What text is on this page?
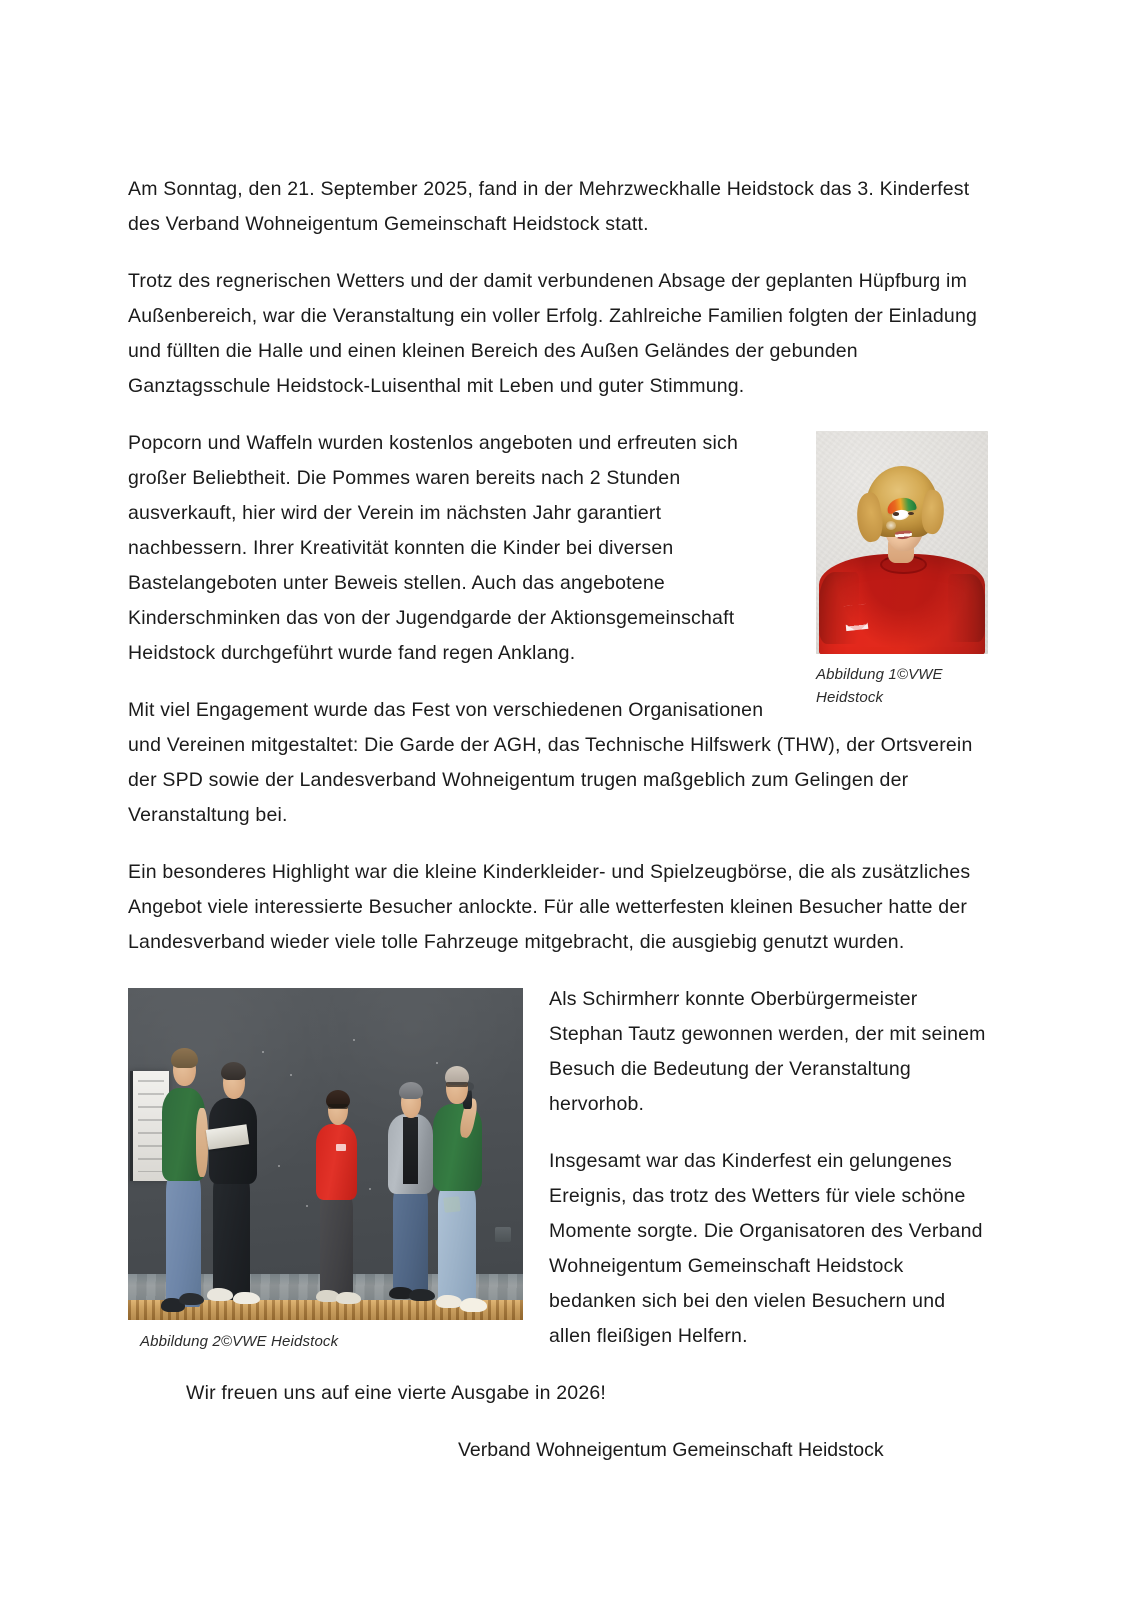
Am Sonntag, den 21. September 2025, fand in der Mehrzweckhalle Heidstock das 3. Kinderfest des Verband Wohneigentum Gemeinschaft Heidstock statt.

Trotz des regnerischen Wetters und der damit verbundenen Absage der geplanten Hüpfburg im Außenbereich, war die Veranstaltung ein voller Erfolg. Zahlreiche Familien folgten der Einladung und füllten die Halle und einen kleinen Bereich des Außen Geländes der gebunden Ganztagsschule Heidstock-Luisenthal mit Leben und guter Stimmung.

Abbildung 1©VWE Heidstock

Popcorn und Waffeln wurden kostenlos angeboten und erfreuten sich großer Beliebtheit. Die Pommes waren bereits nach 2 Stunden ausverkauft, hier wird der Verein im nächsten Jahr garantiert nachbessern. Ihrer Kreativität konnten die Kinder bei diversen Bastelangeboten unter Beweis stellen. Auch das angebotene Kinderschminken das von der Jugendgarde der Aktionsgemeinschaft Heidstock durchgeführt wurde fand regen Anklang.

Mit viel Engagement wurde das Fest von verschiedenen Organisationen und Vereinen mitgestaltet: Die Garde der AGH, das Technische Hilfswerk (THW), der Ortsverein der SPD sowie der Landesverband Wohneigentum trugen maßgeblich zum Gelingen der Veranstaltung bei.

Ein besonderes Highlight war die kleine Kinderkleider- und Spielzeugbörse, die als zusätzliches Angebot viele interessierte Besucher anlockte. Für alle wetterfesten kleinen Besucher hatte der Landesverband wieder viele tolle Fahrzeuge mitgebracht, die ausgiebig genutzt wurden.

Abbildung 2©VWE Heidstock

Als Schirmherr konnte Oberbürgermeister Stephan Tautz gewonnen werden, der mit seinem Besuch die Bedeutung der Veranstaltung hervorhob.

Insgesamt war das Kinderfest ein gelungenes Ereignis, das trotz des Wetters für viele schöne Momente sorgte. Die Organisatoren des Verband Wohneigentum Gemeinschaft Heidstock bedanken sich bei den vielen Besuchern und allen fleißigen Helfern.

Wir freuen uns auf eine vierte Ausgabe in 2026!

Verband Wohneigentum Gemeinschaft Heidstock
